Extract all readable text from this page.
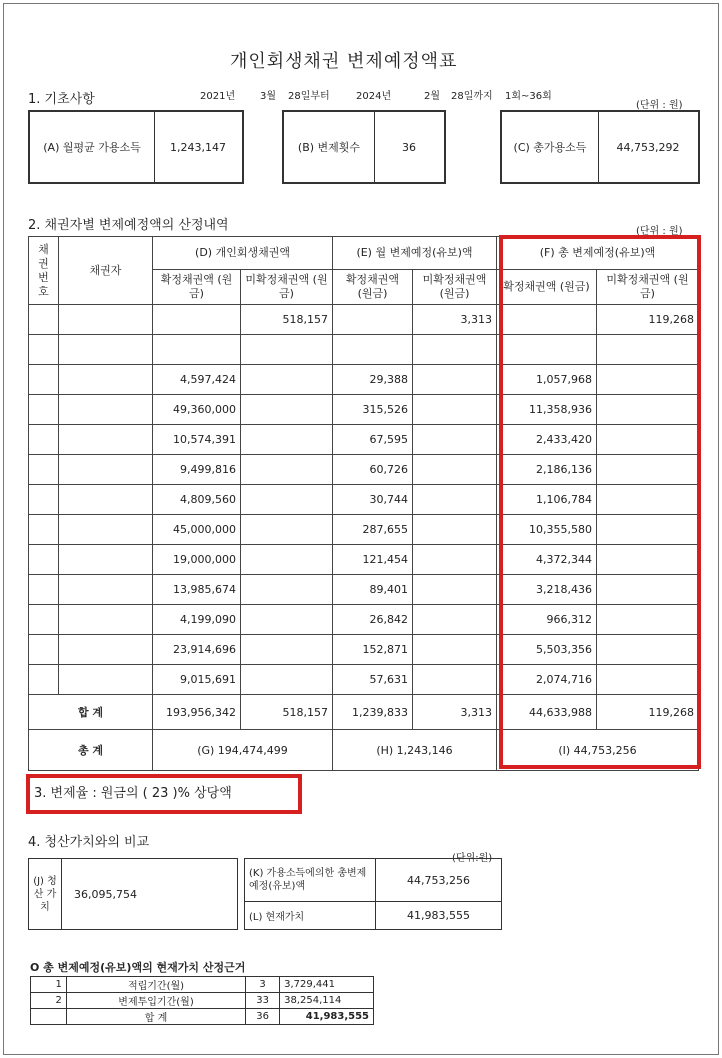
개인회생채권 변제예정액표
1. 기초사항	2021년 3월 28일부터	2024년	2월 28일까지 1회~36회
(단위 : 원)
(A) 월평균 가용소득	1,243,147	(B) 변제횟수	36	(C) 총가용소득	44,753,292
2. 채권자별 변제예정액의 산정내역	(단위 : 원)
채권 번호	채권자	(D) 개인회생채권액		(E) 월 변제예정(유보)액		(F) 총 변제예정(유보)액	
		확정채권액 (원금)	미확정채권액 (원금)	확정채권액 (원금)	미확정채권액 (원금)	확정채권액 (원금)	미확정채권액 (원금)
			518,157		3,313		119,268

		4,597,424		29,388		1,057,968	
		49,360,000		315,526		11,358,936	
		10,574,391		67,595		2,433,420	
		9,499,816		60,726		2,186,136	
		4,809,560		30,744		1,106,784	
		45,000,000		287,655		10,355,580	
		19,000,000		121,454		4,372,344	
		13,985,674		89,401		3,218,436	
		4,199,090		26,842		966,312	
		23,914,696		152,871		5,503,356	
		9,015,691		57,631		2,074,716	
합 계		193,956,342	518,157	1,239,833	3,313	44,633,988	119,268
총 계		(G) 194,474,499		(H) 1,243,146		(I) 44,753,256	
3. 변제율 : 원금의 ( 23 )% 상당액
4. 청산가치와의 비교
(단위:원)
(J) 청산 가치	36,095,754
(K) 가용소득에의한 총변제예정(유보)액	44,753,256
(L) 현재가치	41,983,555
O 총 변제예정(유보)액의 현재가치 산정근거
1	적립기간(월)	3	3,729,441
2	변제투입기간(월)	33	38,254,114
	합 계	36	41,983,555
